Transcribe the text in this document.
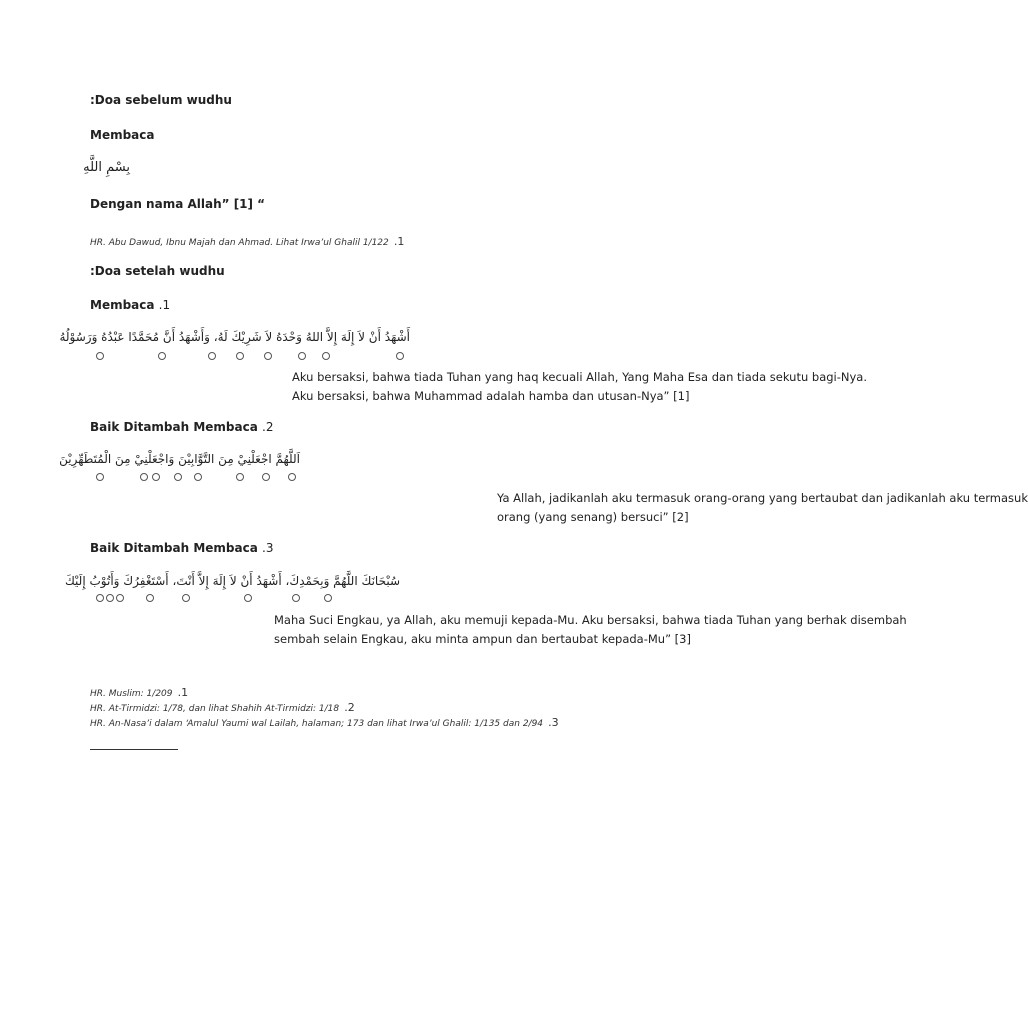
:Doa sebelum wudhu
Membaca
بِسْمِ اللَّهِ
Dengan nama Allah” [1] “
HR. Abu Dawud, Ibnu Majah dan Ahmad. Lihat Irwa’ul Ghalil 1/122 .1
:Doa setelah wudhu
Membaca .1
أَشْهَدُ أَنْ لاَ إِلَهَ إِلاَّ اللهُ وَحْدَهُ لاَ شَرِيْكَ لَهُ، وَأَشْهَدُ أَنَّ مُحَمَّدًا عَبْدُهُ وَرَسُوْلُهُ
Aku bersaksi, bahwa tiada Tuhan yang haq kecuali Allah, Yang Maha Esa dan tiada sekutu bagi-Nya.
Aku bersaksi, bahwa Muhammad adalah hamba dan utusan-Nya” [1]
Baik Ditambah Membaca .2
اَللَّهُمَّ اجْعَلْنِيْ مِنَ التَّوَّابِيْنَ وَاجْعَلْنِيْ مِنَ الْمُتَطَهِّرِيْنَ
Ya Allah, jadikanlah aku termasuk orang-orang yang bertaubat dan jadikanlah aku termasuk
orang (yang senang) bersuci” [2]
Baik Ditambah Membaca .3
سُبْحَانَكَ اللَّهُمَّ وَبِحَمْدِكَ، أَشْهَدُ أَنْ لاَ إِلَهَ إِلاَّ أَنْتَ، أَسْتَغْفِرُكَ وَأَتُوْبُ إِلَيْكَ
Maha Suci Engkau, ya Allah, aku memuji kepada-Mu. Aku bersaksi, bahwa tiada Tuhan yang berhak disembah
sembah selain Engkau, aku minta ampun dan bertaubat kepada-Mu” [3]
HR. Muslim: 1/209 .1
HR. At-Tirmidzi: 1/78, dan lihat Shahih At-Tirmidzi: 1/18 .2
HR. An-Nasa’i dalam ‘Amalul Yaumi wal Lailah, halaman; 173 dan lihat Irwa’ul Ghalil: 1/135 dan 2/94 .3
